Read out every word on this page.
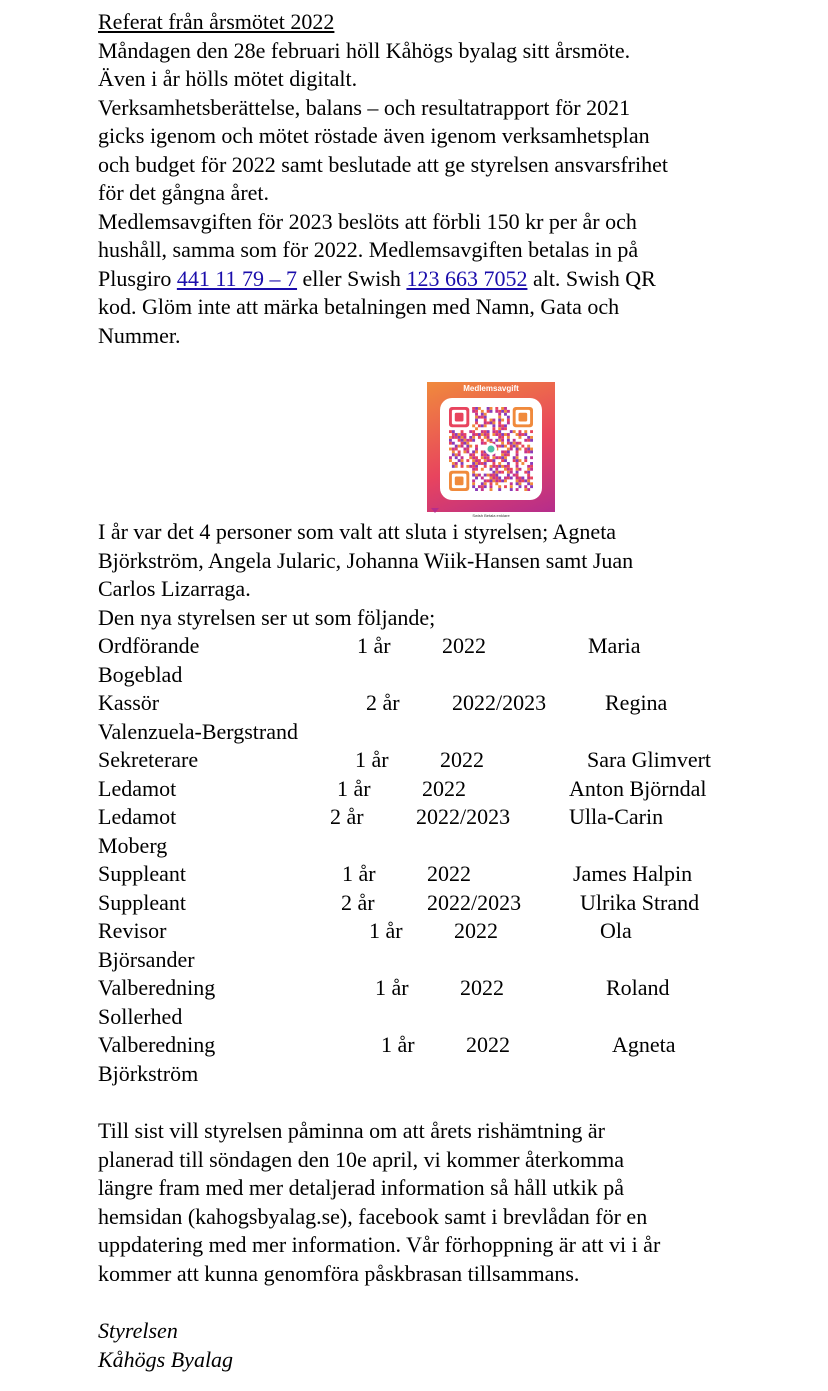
Referat från årsmötet 2022

Måndagen den 28e februari höll Kåhögs byalag sitt årsmöte.
Även i år hölls mötet digitalt.
Verksamhetsberättelse, balans – och resultatrapport för 2021
gicks igenom och mötet röstade även igenom verksamhetsplan
och budget för 2022 samt beslutade att ge styrelsen ansvarsfrihet
för det gångna året.
Medlemsavgiften för 2023 beslöts att förbli 150 kr per år och
hushåll, samma som för 2022. Medlemsavgiften betalas in på
Plusgiro 441 11 79 – 7 eller Swish 123 663 7052 alt. Swish QR
kod. Glöm inte att märka betalningen med Namn, Gata och
Nummer.
Medlemsavgift
Swish Betala enklare
I år var det 4 personer som valt att sluta i styrelsen; Agneta
Björkström, Angela Jularic, Johanna Wiik-Hansen samt Juan
Carlos Lizarraga.

Den nya styrelsen ser ut som följande;

Ordförande	1 år 2022	Maria
Bogeblad
Kassör	2 år 2022/2023	Regina
Valenzuela-Bergstrand
Sekreterare	1 år 2022	Sara Glimvert
Ledamot	1 år 2022	Anton Björndal
Ledamot	2 år 2022/2023	Ulla-Carin
Moberg
Suppleant	1 år 2022	James Halpin
Suppleant	2 år 2022/2023	Ulrika Strand
Revisor	1 år 2022	Ola
Björsander
Valberedning	1 år 2022	Roland
Sollerhed
Valberedning	1 år 2022	Agneta
Björkström
Till sist vill styrelsen påminna om att årets rishämtning är
planerad till söndagen den 10e april, vi kommer återkomma
längre fram med mer detaljerad information så håll utkik på
hemsidan (kahogsbyalag.se), facebook samt i brevlådan för en
uppdatering med mer information. Vår förhoppning är att vi i år
kommer att kunna genomföra påskbrasan tillsammans.
Styrelsen
Kåhögs Byalag
